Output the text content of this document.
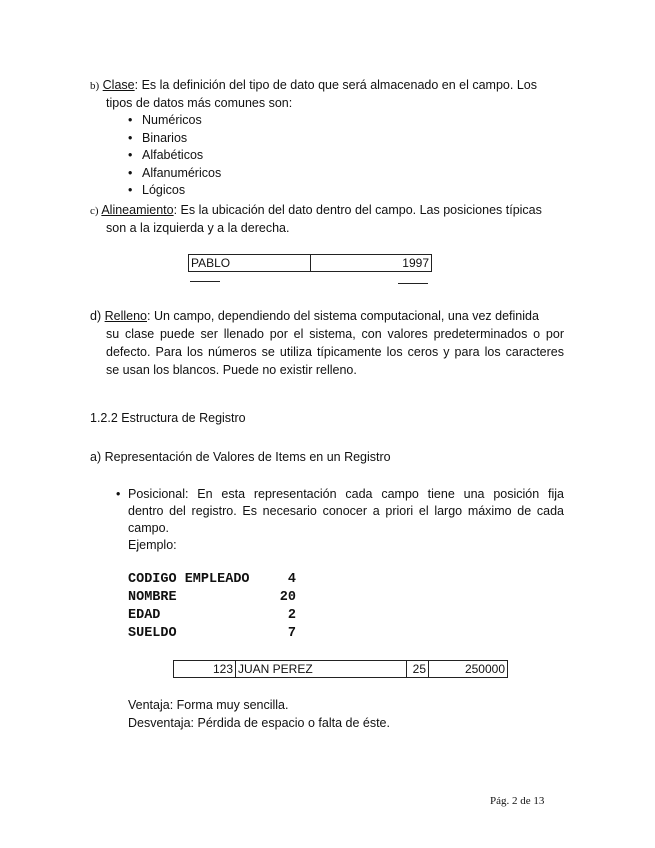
b) Clase: Es la definición del tipo de dato que será almacenado en el campo. Los
tipos de datos más comunes son:
• Numéricos
• Binarios
• Alfabéticos
• Alfanuméricos
• Lógicos
c) Alineamiento: Es la ubicación del dato dentro del campo. Las posiciones típicas
son a la izquierda y a la derecha.
PABLO	1997
d) Relleno: Un campo, dependiendo del sistema computacional, una vez definida
su clase puede ser llenado por el sistema, con valores predeterminados o por
defecto. Para los números se utiliza típicamente los ceros y para los caracteres
se usan los blancos. Puede no existir relleno.
1.2.2 Estructura de Registro
a) Representación de Valores de Items en un Registro
• Posicional: En esta representación cada campo tiene una posición fija
dentro del registro. Es necesario conocer a priori el largo máximo de cada
campo.
Ejemplo:
CODIGO EMPLEADO	4
NOMBRE	20
EDAD	2
SUELDO	7
123	JUAN PEREZ	25	250000
Ventaja: Forma muy sencilla.
Desventaja: Pérdida de espacio o falta de éste.
Pág. 2 de 13
